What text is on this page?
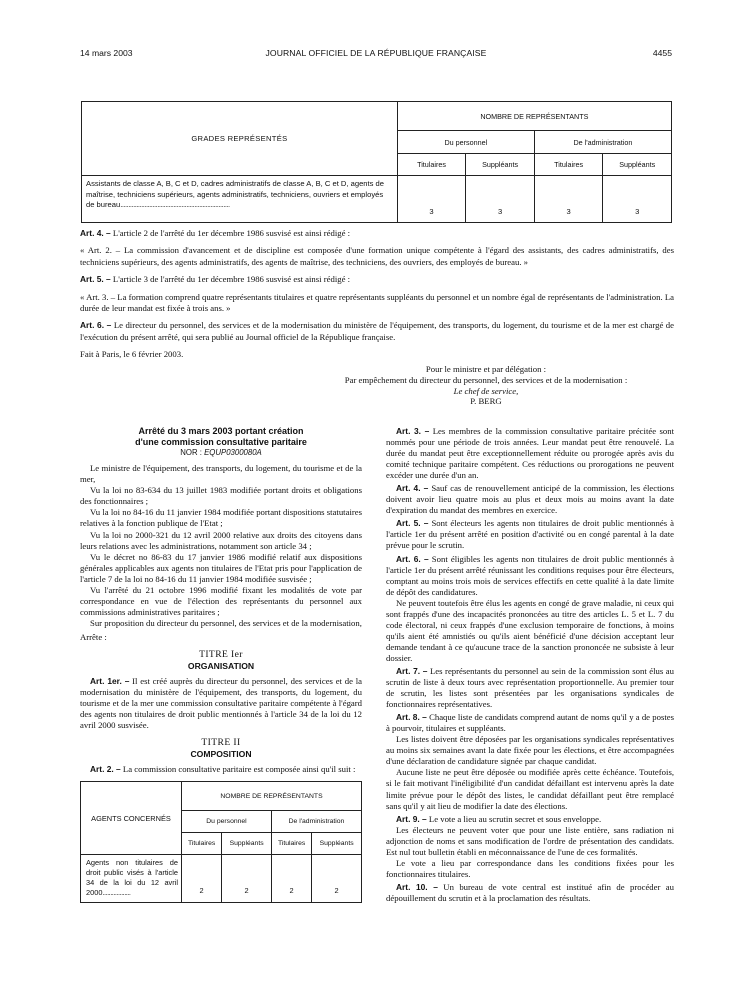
14 mars 2003	JOURNAL OFFICIEL DE LA RÉPUBLIQUE FRANÇAISE	4455
GRADES REPRÉSENTÉS	NOMBRE DE REPRÉSENTANTS			
	Du personnel		De l'administration	
	Titulaires	Suppléants	Titulaires	Suppléants
Assistants de classe A, B, C et D, cadres administratifs de classe A, B, C et D, agents de maîtrise, techniciens supérieurs, agents administratifs, techniciens, ouvriers et employés de bureau....................................................................	3	3	3	3

Art. 4. – L'article 2 de l'arrêté du 1er décembre 1986 susvisé est ainsi rédigé :

« Art. 2. – La commission d'avancement et de discipline est composée d'une formation unique compétente à l'égard des assistants, des cadres administratifs, des techniciens supérieurs, des agents administratifs, des agents de maîtrise, des techniciens, des ouvriers, des employés de bureau. »

Art. 5. – L'article 3 de l'arrêté du 1er décembre 1986 susvisé est ainsi rédigé :

« Art. 3. – La formation comprend quatre représentants titulaires et quatre représentants suppléants du personnel et un nombre égal de représentants de l'administration. La durée de leur mandat est fixée à trois ans. »

Art. 6. – Le directeur du personnel, des services et de la modernisation du ministère de l'équipement, des transports, du logement, du tourisme et de la mer est chargé de l'exécution du présent arrêté, qui sera publié au Journal officiel de la République française.

Fait à Paris, le 6 février 2003.

Pour le ministre et par délégation :
Par empêchement du directeur du personnel, des services et de la modernisation :
Le chef de service,
P. BERG
Arrêté du 3 mars 2003 portant création
d'une commission consultative paritaire
NOR : EQUP0300080A

Le ministre de l'équipement, des transports, du logement, du tourisme et de la mer,

Vu la loi no 83-634 du 13 juillet 1983 modifiée portant droits et obligations des fonctionnaires ;

Vu la loi no 84-16 du 11 janvier 1984 modifiée portant dispositions statutaires relatives à la fonction publique de l'Etat ;

Vu la loi no 2000-321 du 12 avril 2000 relative aux droits des citoyens dans leurs relations avec les administrations, notamment son article 34 ;

Vu le décret no 86-83 du 17 janvier 1986 modifié relatif aux dispositions générales applicables aux agents non titulaires de l'Etat pris pour l'application de l'article 7 de la loi no 84-16 du 11 janvier 1984 modifiée susvisée ;

Vu l'arrêté du 21 octobre 1996 modifié fixant les modalités de vote par correspondance en vue de l'élection des représentants du personnel aux commissions administratives paritaires ;

Sur proposition du directeur du personnel, des services et de la modernisation,

Arrête :

TITRE Ier
ORGANISATION

Art. 1er. – Il est créé auprès du directeur du personnel, des services et de la modernisation du ministère de l'équipement, des transports, du logement, du tourisme et de la mer une commission consultative paritaire compétente à l'égard des agents non titulaires de droit public mentionnés à l'article 34 de la loi du 12 avril 2000 susvisée.

TITRE II
COMPOSITION

Art. 2. – La commission consultative paritaire est composée ainsi qu'il suit :

AGENTS CONCERNÉS	NOMBRE DE REPRÉSENTANTS			
	Du personnel		De l'administration	
	Titulaires	Suppléants	Titulaires	Suppléants
Agents non titulaires de droit public visés à l'article 34 de la loi du 12 avril 2000..................	2	2	2	2

Art. 3. – Les membres de la commission consultative paritaire précitée sont nommés pour une période de trois années. Leur mandat peut être renouvelé. La durée du mandat peut être exceptionnellement réduite ou prorogée après avis du comité technique paritaire compétent. Ces réductions ou prorogations ne peuvent excéder une durée d'un an.

Art. 4. – Sauf cas de renouvellement anticipé de la commission, les élections doivent avoir lieu quatre mois au plus et deux mois au moins avant la date d'expiration du mandat des membres en exercice.

Art. 5. – Sont électeurs les agents non titulaires de droit public mentionnés à l'article 1er du présent arrêté en position d'activité ou en congé parental à la date prévue pour le scrutin.

Art. 6. – Sont éligibles les agents non titulaires de droit public mentionnés à l'article 1er du présent arrêté réunissant les conditions requises pour être électeurs, comptant au moins trois mois de services effectifs en cette qualité à la date limite de dépôt des candidatures.

Ne peuvent toutefois être élus les agents en congé de grave maladie, ni ceux qui sont frappés d'une des incapacités prononcées au titre des articles L. 5 et L. 7 du code électoral, ni ceux frappés d'une exclusion temporaire de fonctions, à moins qu'ils aient été amnistiés ou qu'ils aient bénéficié d'une décision acceptant leur demande tendant à ce qu'aucune trace de la sanction prononcée ne subsiste à leur dossier.

Art. 7. – Les représentants du personnel au sein de la commission sont élus au scrutin de liste à deux tours avec représentation proportionnelle. Au premier tour de scrutin, les listes sont présentées par les organisations syndicales de fonctionnaires représentatives.

Art. 8. – Chaque liste de candidats comprend autant de noms qu'il y a de postes à pourvoir, titulaires et suppléants.

Les listes doivent être déposées par les organisations syndicales représentatives au moins six semaines avant la date fixée pour les élections, et être accompagnées d'une déclaration de candidature signée par chaque candidat.

Aucune liste ne peut être déposée ou modifiée après cette échéance. Toutefois, si le fait motivant l'inéligibilité d'un candidat défaillant est intervenu après la date limite prévue pour le dépôt des listes, le candidat défaillant peut être remplacé sans qu'il y ait lieu de modifier la date des élections.

Art. 9. – Le vote a lieu au scrutin secret et sous enveloppe.

Les électeurs ne peuvent voter que pour une liste entière, sans radiation ni adjonction de noms et sans modification de l'ordre de présentation des candidats. Est nul tout bulletin établi en méconnaissance de l'une de ces formalités.

Le vote a lieu par correspondance dans les conditions fixées pour les fonctionnaires titulaires.

Art. 10. – Un bureau de vote central est institué afin de procéder au dépouillement du scrutin et à la proclamation des résultats.
